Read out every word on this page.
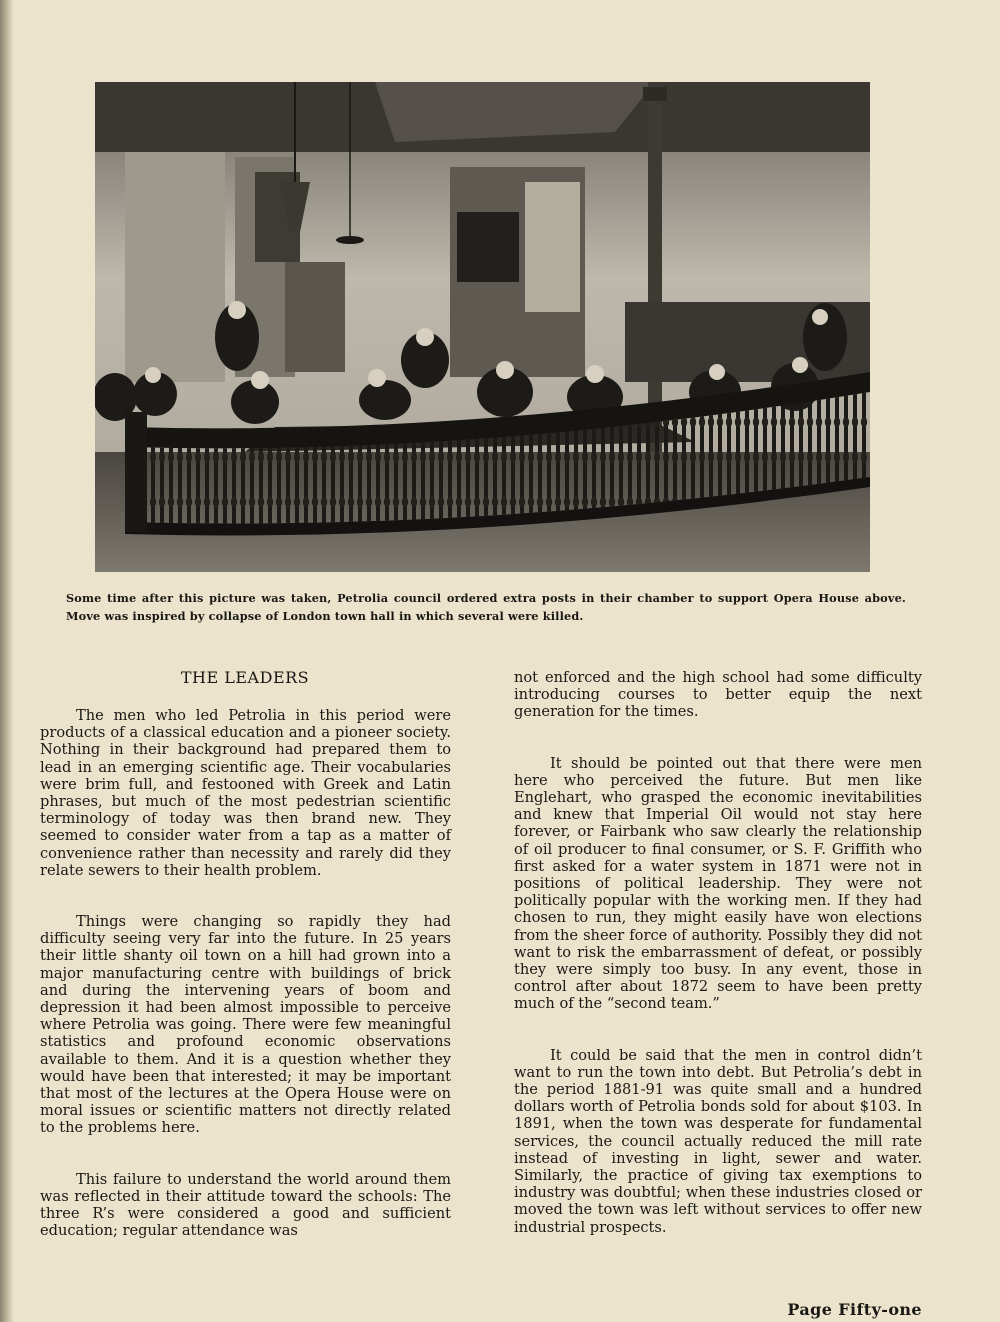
Some time after this picture was taken, Petrolia council ordered extra posts in their chamber to support Opera House above. Move was inspired by collapse of London town hall in which several were killed.
THE LEADERS

The men who led Petrolia in this period were products of a classical education and a pioneer society. Nothing in their background had prepared them to lead in an emerging scientific age. Their vocabularies were brim full, and festooned with Greek and Latin phrases, but much of the most pedestrian scientific terminology of today was then brand new. They seemed to consider water from a tap as a matter of convenience rather than necessity and rarely did they relate sewers to their health problem.

Things were changing so rapidly they had difficulty seeing very far into the future. In 25 years their little shanty oil town on a hill had grown into a major manufacturing centre with buildings of brick and during the intervening years of boom and depression it had been almost impossible to perceive where Petrolia was going. There were few meaningful statistics and profound economic observations available to them. And it is a question whether they would have been that interested; it may be important that most of the lectures at the Opera House were on moral issues or scientific matters not directly related to the problems here.

This failure to understand the world around them was reflected in their attitude toward the schools: The three R’s were considered a good and sufficient education; regular attendance was

not enforced and the high school had some difficulty introducing courses to better equip the next generation for the times.

It should be pointed out that there were men here who perceived the future. But men like Englehart, who grasped the economic inevitabilities and knew that Imperial Oil would not stay here forever, or Fairbank who saw clearly the relationship of oil producer to final consumer, or S. F. Griffith who first asked for a water system in 1871 were not in positions of political leadership. They were not politically popular with the working men. If they had chosen to run, they might easily have won elections from the sheer force of authority. Possibly they did not want to risk the embarrassment of defeat, or possibly they were simply too busy. In any event, those in control after about 1872 seem to have been pretty much of the “second team.”

It could be said that the men in control didn’t want to run the town into debt. But Petrolia’s debt in the period 1881-91 was quite small and a hundred dollars worth of Petrolia bonds sold for about $103. In 1891, when the town was desperate for fundamental services, the council actually reduced the mill rate instead of investing in light, sewer and water. Similarly, the practice of giving tax exemptions to industry was doubtful; when these industries closed or moved the town was left without services to offer new industrial prospects.

Page Fifty-one
